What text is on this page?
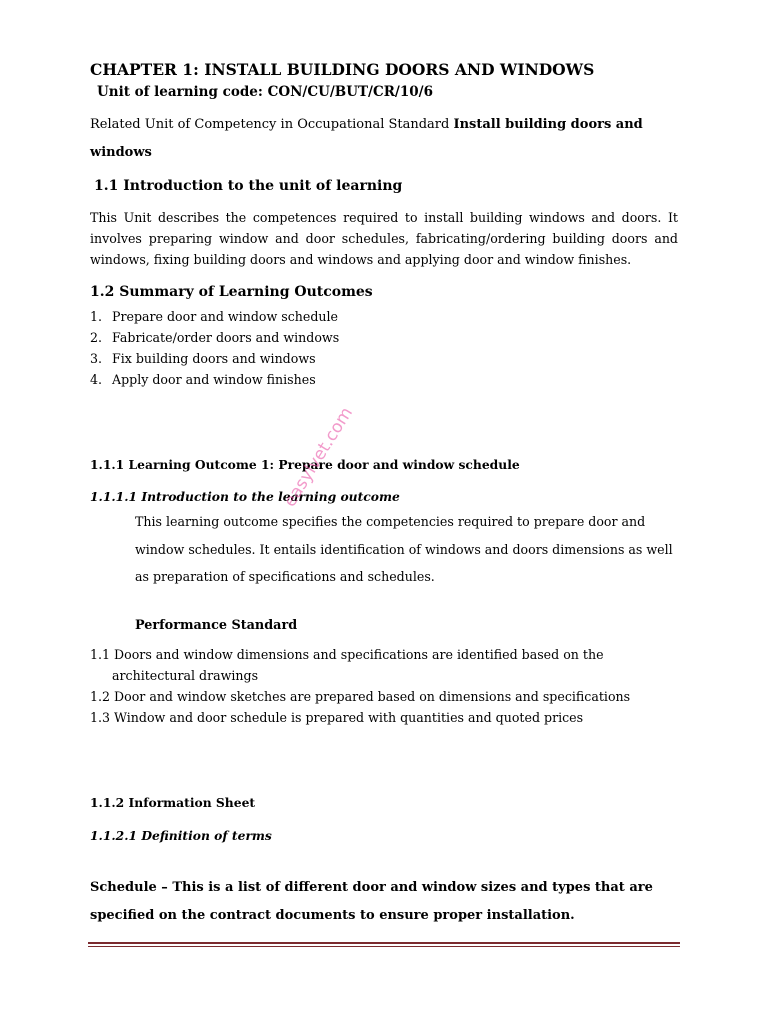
CHAPTER 1: INSTALL BUILDING DOORS AND WINDOWS
Unit of learning code: CON/CU/BUT/CR/10/6
Related Unit of Competency in Occupational Standard Install building doors and windows
1.1 Introduction to the unit of learning
This Unit describes the competences required to install building windows and doors. It involves preparing window and door schedules, fabricating/ordering building doors and windows, fixing building doors and windows and applying door and window finishes.
1.2 Summary of Learning Outcomes
1. Prepare door and window schedule
2. Fabricate/order doors and windows
3. Fix building doors and windows
4. Apply door and window finishes
1.1.1 Learning Outcome 1: Prepare door and window schedule
1.1.1.1 Introduction to the learning outcome
This learning outcome specifies the competencies required to prepare door and window schedules. It entails identification of windows and doors dimensions as well as preparation of specifications and schedules.
Performance Standard
1.1 Doors and window dimensions and specifications are identified based on the
architectural drawings
1.2 Door and window sketches are prepared based on dimensions and specifications
1.3 Window and door schedule is prepared with quantities and quoted prices
1.1.2 Information Sheet
1.1.2.1 Definition of terms
Schedule – This is a list of different door and window sizes and types that are specified on the contract documents to ensure proper installation.
easylvet.com
